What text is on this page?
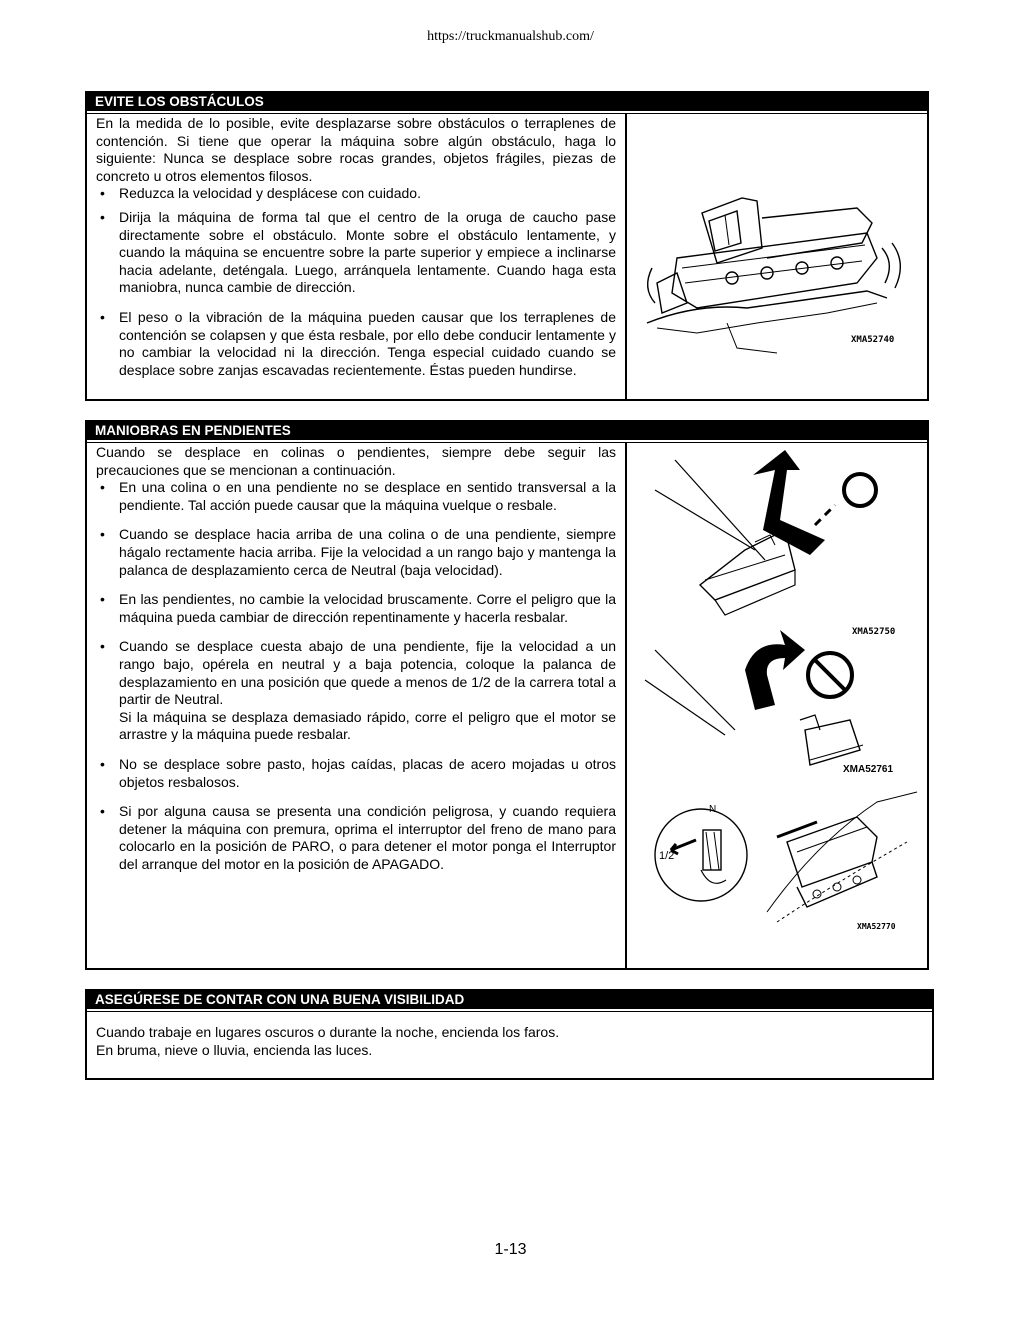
https://truckmanualshub.com/
EVITE LOS OBSTÁCULOS

En la medida de lo posible, evite desplazarse sobre obstáculos o terraplenes de contención. Si tiene que operar la máquina sobre algún obstáculo, haga lo siguiente: Nunca se desplace sobre rocas grandes, objetos frágiles, piezas de concreto u otros elementos filosos.

• Reduzca la velocidad y desplácese con cuidado.
• Dirija la máquina de forma tal que el centro de la oruga de caucho pase directamente sobre el obstáculo. Monte sobre el obstáculo lentamente, y cuando la máquina se encuentre sobre la parte superior y empiece a inclinarse hacia adelante, deténgala. Luego, arránquela lentamente. Cuando haga esta maniobra, nunca cambie de dirección.
• El peso o la vibración de la máquina pueden causar que los terraplenes de contención se colapsen y que ésta resbale, por ello debe conducir lentamente y no cambiar la velocidad ni la dirección. Tenga especial cuidado cuando se desplace sobre zanjas escavadas recientemente. Éstas pueden hundirse.
XMA52740
MANIOBRAS EN PENDIENTES

Cuando se desplace en colinas o pendientes, siempre debe seguir las precauciones que se mencionan a continuación.

• En una colina o en una pendiente no se desplace en sentido transversal a la pendiente. Tal acción puede causar que la máquina vuelque o resbale.
• Cuando se desplace hacia arriba de una colina o de una pendiente, siempre hágalo rectamente hacia arriba. Fije la velocidad a un rango bajo y mantenga la palanca de desplazamiento cerca de Neutral (baja velocidad).
• En las pendientes, no cambie la velocidad bruscamente. Corre el peligro que la máquina pueda cambiar de dirección repentinamente y hacerla resbalar.
• Cuando se desplace cuesta abajo de una pendiente, fije la velocidad a un rango bajo, opérela en neutral y a baja potencia, coloque la palanca de desplazamiento en una posición que quede a menos de 1/2 de la carrera total a partir de Neutral.
Si la máquina se desplaza demasiado rápido, corre el peligro que el motor se arrastre y la máquina puede resbalar.
• No se desplace sobre pasto, hojas caídas, placas de acero mojadas u otros objetos resbalosos.
• Si por alguna causa se presenta una condición peligrosa, y cuando requiera detener la máquina con premura, oprima el interruptor del freno de mano para colocarlo en la posición de PARO, o para detener el motor ponga el Interruptor del arranque del motor en la posición de APAGADO.
XMA52750
XMA52761
N
1/2
XMA52770
ASEGÚRESE DE CONTAR CON UNA BUENA VISIBILIDAD

Cuando trabaje en lugares oscuros o durante la noche, encienda los faros.

En bruma, nieve o lluvia, encienda las luces.

1-13
